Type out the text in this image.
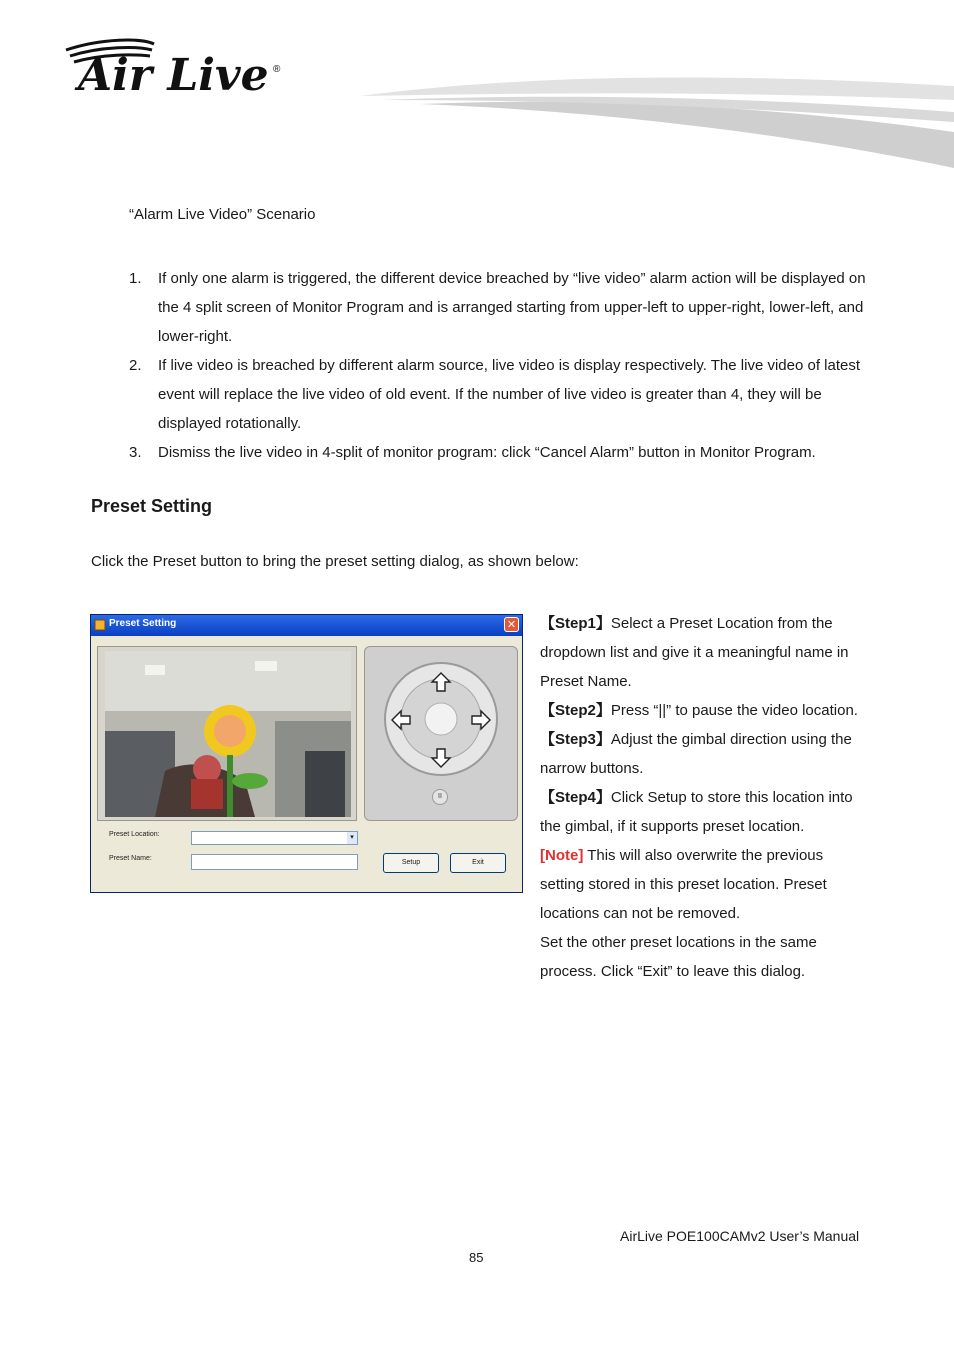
Air Live ®
“Alarm Live Video” Scenario
1. If only one alarm is triggered, the different device breached by “live video” alarm action will be displayed on the 4 split screen of Monitor Program and is arranged starting from upper-left to upper-right, lower-left, and lower-right.
2. If live video is breached by different alarm source, live video is display respectively. The live video of latest event will replace the live video of old event. If the number of live video is greater than 4, they will be displayed rotationally.
3. Dismiss the live video in 4-split of monitor program: click “Cancel Alarm” button in Monitor Program.
Preset Setting
Click the Preset button to bring the preset setting dialog, as shown below:
Preset Setting	✕
II
Preset Location:	▾
Preset Name:
Setup	Exit

【Step1】Select a Preset Location from the dropdown list and give it a meaningful name in Preset Name.

【Step2】Press “||” to pause the video location.

【Step3】Adjust the gimbal direction using the narrow buttons.

【Step4】Click Setup to store this location into the gimbal, if it supports preset location.

[Note] This will also overwrite the previous setting stored in this preset location. Preset locations can not be removed.

Set the other preset locations in the same process. Click “Exit” to leave this dialog.

AirLive POE100CAMv2 User’s Manual
85
